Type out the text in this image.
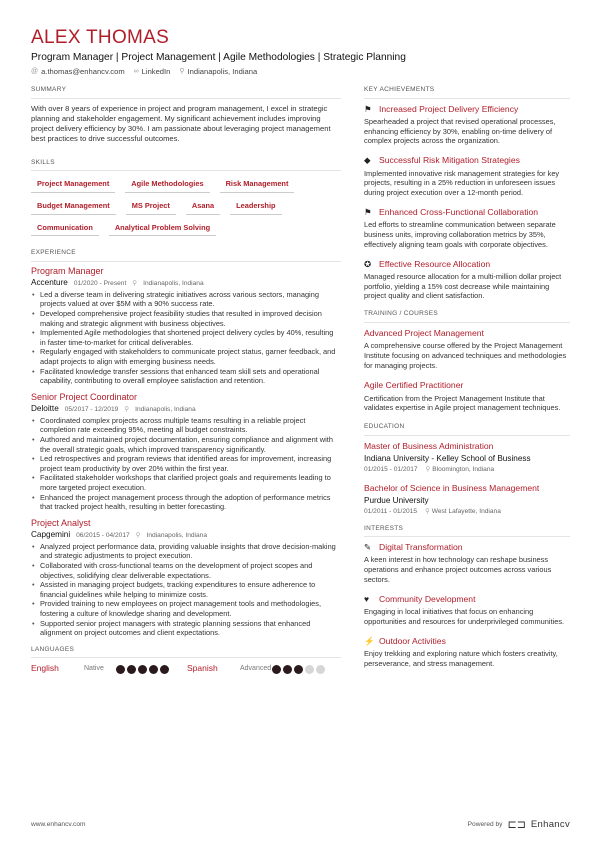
ALEX THOMAS
Program Manager | Project Management | Agile Methodologies | Strategic Planning
@ a.thomas@enhancv.com ∞ LinkedIn ⚲ Indianapolis, Indiana
SUMMARY
With over 8 years of experience in project and program management, I excel in strategic planning and stakeholder engagement. My significant achievement includes improving project delivery efficiency by 30%. I am passionate about leveraging project management best practices to drive successful outcomes.
SKILLS
Project Management	Agile Methodologies	Risk Management
Budget Management	MS Project	Asana	Leadership
Communication	Analytical Problem Solving
EXPERIENCE
Program Manager
Accenture 01/2020 - Present ⚲ Indianapolis, Indiana
• Led a diverse team in delivering strategic initiatives across various sectors, managing projects valued at over $5M with a 90% success rate.
• Developed comprehensive project feasibility studies that resulted in improved decision making and strategic alignment with business objectives.
• Implemented Agile methodologies that shortened project delivery cycles by 40%, resulting in faster time-to-market for critical deliverables.
• Regularly engaged with stakeholders to communicate project status, garner feedback, and adapt projects to align with emerging business needs.
• Facilitated knowledge transfer sessions that enhanced team skill sets and operational capability, contributing to overall employee satisfaction and retention.
Senior Project Coordinator
Deloitte 05/2017 - 12/2019 ⚲ Indianapolis, Indiana
• Coordinated complex projects across multiple teams resulting in a reliable project completion rate exceeding 95%, meeting all budget constraints.
• Authored and maintained project documentation, ensuring compliance and alignment with the overall strategic goals, which improved transparency significantly.
• Led retrospectives and program reviews that identified areas for improvement, increasing project team productivity by over 20% within the first year.
• Facilitated stakeholder workshops that clarified project goals and requirements leading to more targeted project execution.
• Enhanced the project management process through the adoption of performance metrics that tracked project health, resulting in better forecasting.
Project Analyst
Capgemini 06/2015 - 04/2017 ⚲ Indianapolis, Indiana
• Analyzed project performance data, providing valuable insights that drove decision-making and strategic adjustments to project execution.
• Collaborated with cross-functional teams on the development of project scopes and objectives, solidifying clear deliverable expectations.
• Assisted in managing project budgets, tracking expenditures to ensure adherence to financial guidelines while helping to minimize costs.
• Provided training to new employees on project management tools and methodologies, fostering a culture of knowledge sharing and development.
• Supported senior project managers with strategic planning sessions that enhanced alignment on project outcomes and client expectations.
LANGUAGES
English	Native	Spanish	Advanced
KEY ACHIEVEMENTS
⚑ Increased Project Delivery Efficiency
Spearheaded a project that revised operational processes, enhancing efficiency by 30%, enabling on-time delivery of complex projects across the organization.
◆ Successful Risk Mitigation Strategies
Implemented innovative risk management strategies for key projects, resulting in a 25% reduction in unforeseen issues during project execution over a 12-month period.
⚑ Enhanced Cross-Functional Collaboration
Led efforts to streamline communication between separate business units, improving collaboration metrics by 35%, effectively aligning team goals with corporate objectives.
✪ Effective Resource Allocation
Managed resource allocation for a multi-million dollar project portfolio, yielding a 15% cost decrease while maintaining project quality and client satisfaction.
TRAINING / COURSES
Advanced Project Management
A comprehensive course offered by the Project Management Institute focusing on advanced techniques and methodologies for managing projects.
Agile Certified Practitioner
Certification from the Project Management Institute that validates expertise in Agile project management techniques.
EDUCATION
Master of Business Administration
Indiana University - Kelley School of Business
01/2015 - 01/2017 ⚲ Bloomington, Indiana
Bachelor of Science in Business Management
Purdue University
01/2011 - 01/2015 ⚲ West Lafayette, Indiana
INTERESTS
✎ Digital Transformation
A keen interest in how technology can reshape business operations and enhance project outcomes across various sectors.
♥	Community Development
Engaging in local initiatives that focus on enhancing opportunities and resources for underprivileged communities.
⚡ Outdoor Activities
Enjoy trekking and exploring nature which fosters creativity, perseverance, and stress management.
www.enhancv.com	Powered by ⊏⊐ Enhancv
